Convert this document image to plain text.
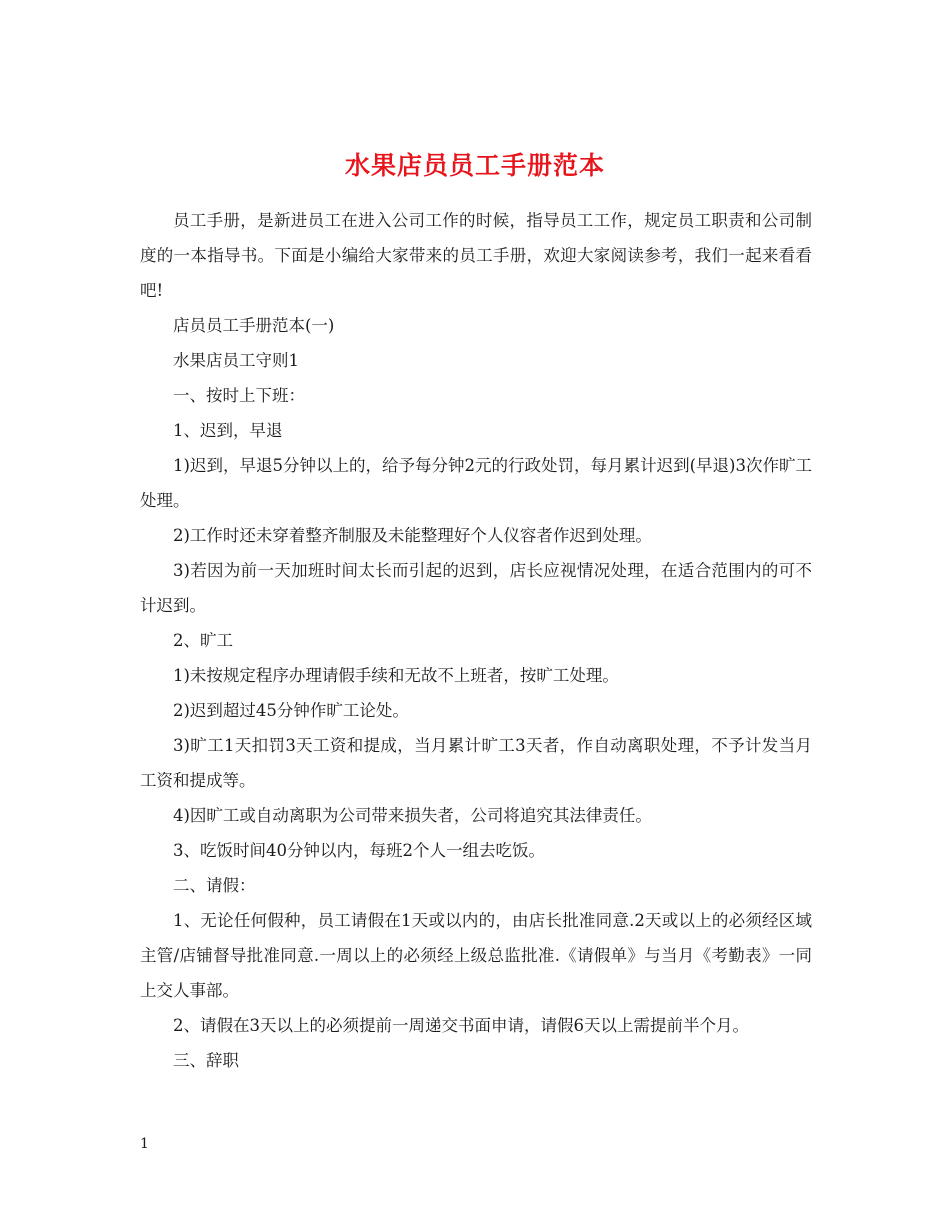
水果店员员工手册范本

员工手册，是新进员工在进入公司工作的时候，指导员工工作，规定员工职责和公司制度的一本指导书。下面是小编给大家带来的员工手册，欢迎大家阅读参考，我们一起来看看吧!

店员员工手册范本(一)

水果店员工守则1

一、按时上下班：

1、迟到，早退

1)迟到，早退5分钟以上的，给予每分钟2元的行政处罚，每月累计迟到(早退)3次作旷工处理。

2)工作时还未穿着整齐制服及未能整理好个人仪容者作迟到处理。

3)若因为前一天加班时间太长而引起的迟到，店长应视情况处理，在适合范围内的可不计迟到。

2、旷工

1)未按规定程序办理请假手续和无故不上班者，按旷工处理。

2)迟到超过45分钟作旷工论处。

3)旷工1天扣罚3天工资和提成，当月累计旷工3天者，作自动离职处理，不予计发当月工资和提成等。

4)因旷工或自动离职为公司带来损失者，公司将追究其法律责任。

3、吃饭时间40分钟以内，每班2个人一组去吃饭。

二、请假：

1、无论任何假种，员工请假在1天或以内的，由店长批准同意.2天或以上的必须经区域主管/店铺督导批准同意.一周以上的必须经上级总监批准.《请假单》与当月《考勤表》一同上交人事部。

2、请假在3天以上的必须提前一周递交书面申请，请假6天以上需提前半个月。

三、辞职

1
